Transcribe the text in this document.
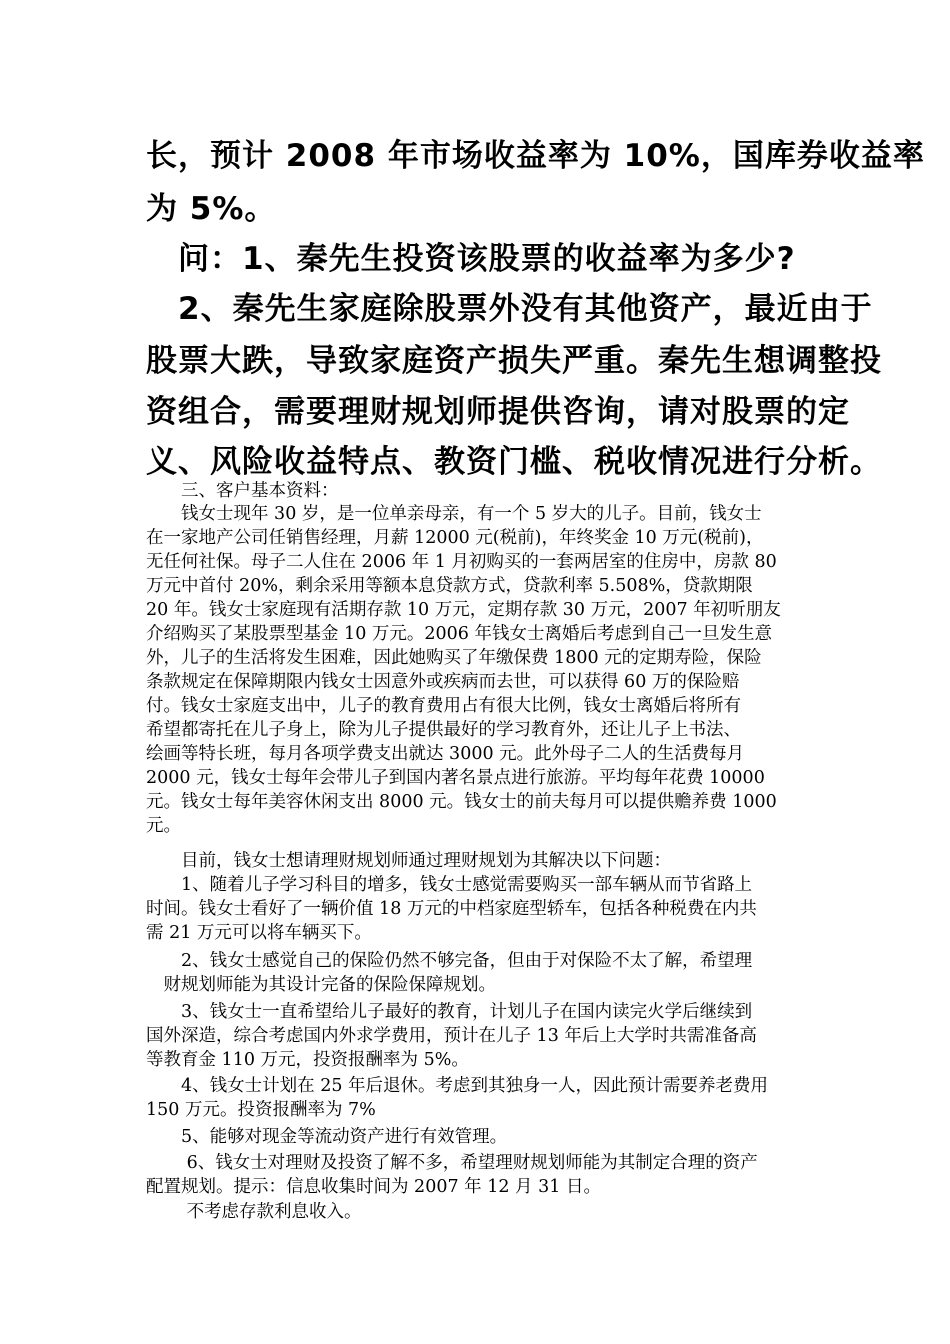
长，预计 2008 年市场收益率为 10%，国库券收益率
为 5%。
　问：1、秦先生投资该股票的收益率为多少?
　2、秦先生家庭除股票外没有其他资产，最近由于
股票大跌，导致家庭资产损失严重。秦先生想调整投
资组合，需要理财规划师提供咨询，请对股票的定
义、风险收益特点、教资门槛、税收情况进行分析。
　　三、客户基本资料：
　　钱女士现年 30 岁，是一位单亲母亲，有一个 5 岁大的儿子。目前，钱女士
在一家地产公司任销售经理，月薪 12000 元(税前)，年终奖金 10 万元(税前)，
无任何社保。母子二人住在 2006 年 1 月初购买的一套两居室的住房中，房款 80
万元中首付 20%，剩余采用等额本息贷款方式，贷款利率 5.508%，贷款期限
20 年。钱女士家庭现有活期存款 10 万元，定期存款 30 万元，2007 年初听朋友
介绍购买了某股票型基金 10 万元。2006 年钱女士离婚后考虑到自己一旦发生意
外，儿子的生活将发生困难，因此她购买了年缴保费 1800 元的定期寿险，保险
条款规定在保障期限内钱女士因意外或疾病而去世，可以获得 60 万的保险赔
付。钱女士家庭支出中，儿子的教育费用占有很大比例，钱女士离婚后将所有
希望都寄托在儿子身上，除为儿子提供最好的学习教育外，还让儿子上书法、
绘画等特长班，每月各项学费支出就达 3000 元。此外母子二人的生活费每月
2000 元，钱女士每年会带儿子到国内著名景点进行旅游。平均每年花费 10000
元。钱女士每年美容休闲支出 8000 元。钱女士的前夫每月可以提供赡养费 1000
元。
　　目前，钱女士想请理财规划师通过理财规划为其解决以下问题：
　　1、随着儿子学习科目的增多，钱女士感觉需要购买一部车辆从而节省路上
时间。钱女士看好了一辆价值 18 万元的中档家庭型轿车，包括各种税费在内共
需 21 万元可以将车辆买下。
　　2、钱女士感觉自己的保险仍然不够完备，但由于对保险不太了解，希望理
　财规划师能为其设计完备的保险保障规划。
　　3、钱女士一直希望给儿子最好的教育，计划儿子在国内读完火学后继续到
国外深造，综合考虑国内外求学费用，预计在儿子 13 年后上大学时共需准备高
等教育金 110 万元，投资报酬率为 5%。
　　4、钱女士计划在 25 年后退休。考虑到其独身一人，因此预计需要养老费用
150 万元。投资报酬率为 7%
　　5、能够对现金等流动资产进行有效管理。
　　 6、钱女士对理财及投资了解不多，希望理财规划师能为其制定合理的资产
配置规划。提示：信息收集时间为 2007 年 12 月 31 日。
　　 不考虑存款利息收入。
